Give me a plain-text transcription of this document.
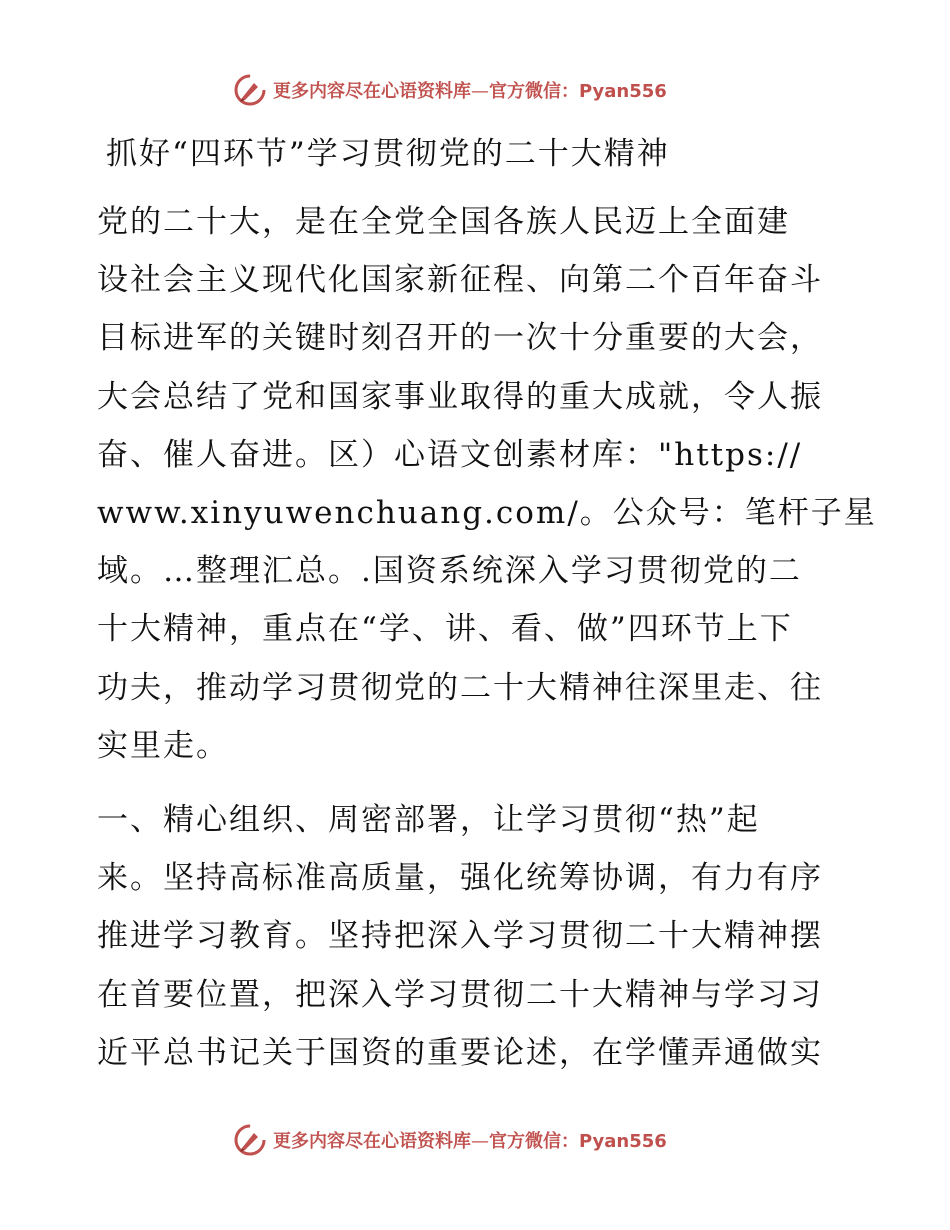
更多内容尽在心语资料库—官方微信：Pyan556
抓好“四环节”学习贯彻党的二十大精神
党的二十大，是在全党全国各族人民迈上全面建
设社会主义现代化国家新征程、向第二个百年奋斗
目标进军的关键时刻召开的一次十分重要的大会，
大会总结了党和国家事业取得的重大成就，令人振
奋、催人奋进。区）心语文创素材库："https://
www.xinyuwenchuang.com/。公众号：笔杆子星
域。…整理汇总。.国资系统深入学习贯彻党的二
十大精神，重点在“学、讲、看、做”四环节上下
功夫，推动学习贯彻党的二十大精神往深里走、往
实里走。
一、精心组织、周密部署，让学习贯彻“热”起
来。坚持高标准高质量，强化统筹协调，有力有序
推进学习教育。坚持把深入学习贯彻二十大精神摆
在首要位置，把深入学习贯彻二十大精神与学习习
近平总书记关于国资的重要论述，在学懂弄通做实
更多内容尽在心语资料库—官方微信：Pyan556
